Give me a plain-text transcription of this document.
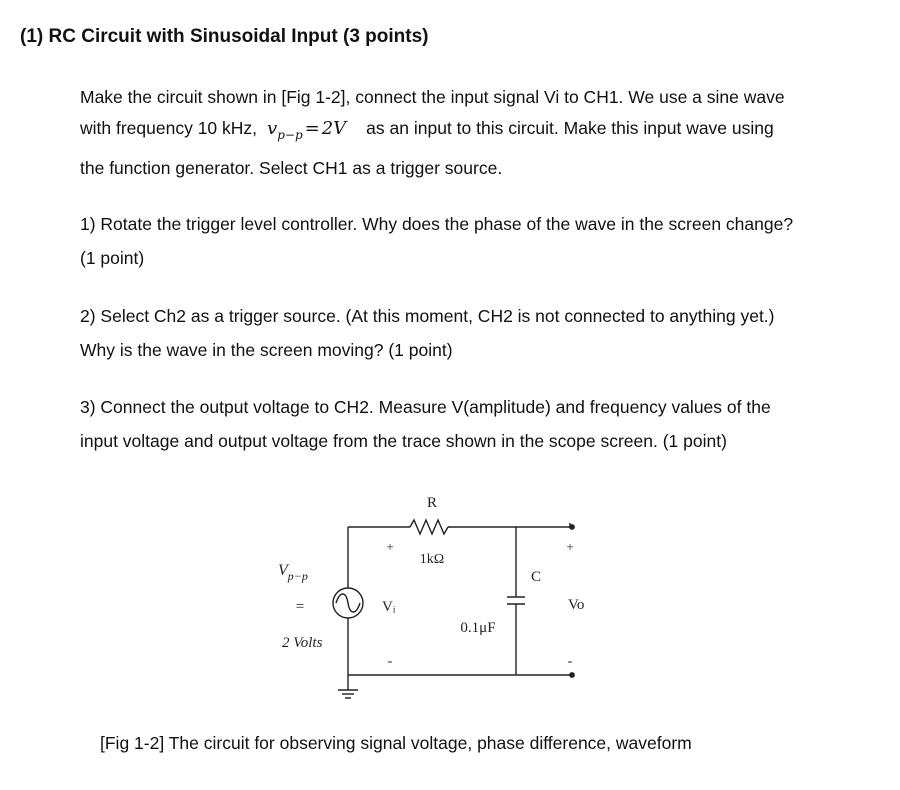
(1) RC Circuit with Sinusoidal Input (3 points)
Make the circuit shown in [Fig 1-2], connect the input signal Vi to CH1. We use a sine wave
with frequency 10 kHz, $v_{p-p} = 2V$ as an input to this circuit. Make this input wave using
the function generator. Select CH1 as a trigger source.
1) Rotate the trigger level controller. Why does the phase of the wave in the screen change?
(1 point)
2) Select Ch2 as a trigger source. (At this moment, CH2 is not connected to anything yet.)
Why is the wave in the screen moving? (1 point)
3) Connect the output voltage to CH2. Measure V(amplitude) and frequency values of the
input voltage and output voltage from the trace shown in the scope screen. (1 point)
R
1kΩ
C
0.1μF
+
-
Vᵢ
+
-
Vo
$V_{p-p}$
=
2 Volts
[Fig 1-2] The circuit for observing signal voltage, phase difference, waveform
